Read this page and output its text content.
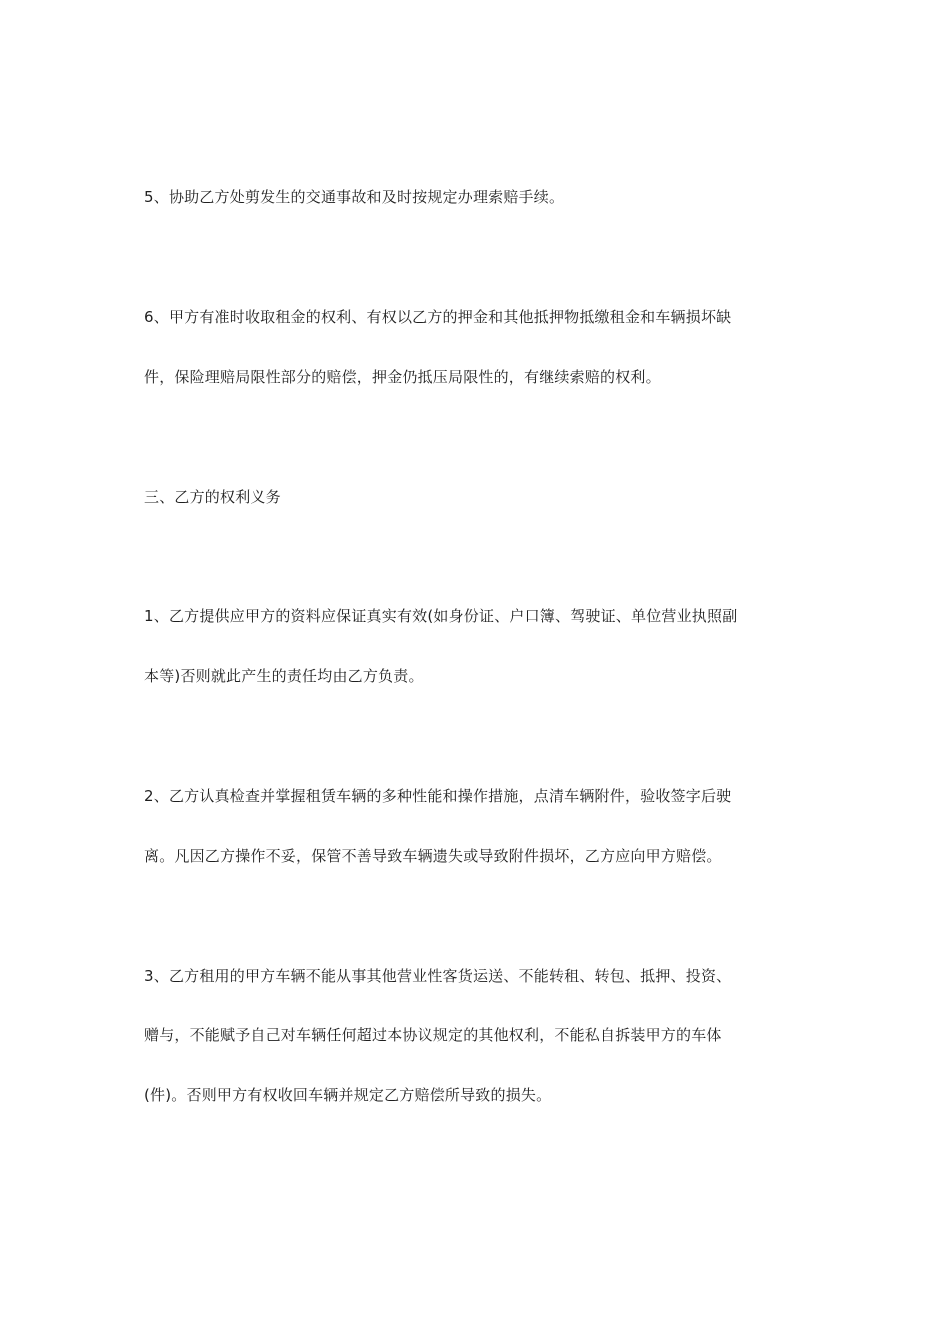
5、协助乙方处剪发生的交通事故和及时按规定办理索赔手续。
6、甲方有准时收取租金的权利、有权以乙方的押金和其他抵押物抵缴租金和车辆损坏缺
件，保险理赔局限性部分的赔偿，押金仍抵压局限性的，有继续索赔的权利。
三、乙方的权利义务
1、乙方提供应甲方的资料应保证真实有效(如身份证、户口簿、驾驶证、单位营业执照副
本等)否则就此产生的责任均由乙方负责。
2、乙方认真检查并掌握租赁车辆的多种性能和操作措施，点清车辆附件，验收签字后驶
离。凡因乙方操作不妥，保管不善导致车辆遗失或导致附件损坏，乙方应向甲方赔偿。
3、乙方租用的甲方车辆不能从事其他营业性客货运送、不能转租、转包、抵押、投资、
赠与，不能赋予自己对车辆任何超过本协议规定的其他权利，不能私自拆装甲方的车体
(件)。否则甲方有权收回车辆并规定乙方赔偿所导致的损失。
